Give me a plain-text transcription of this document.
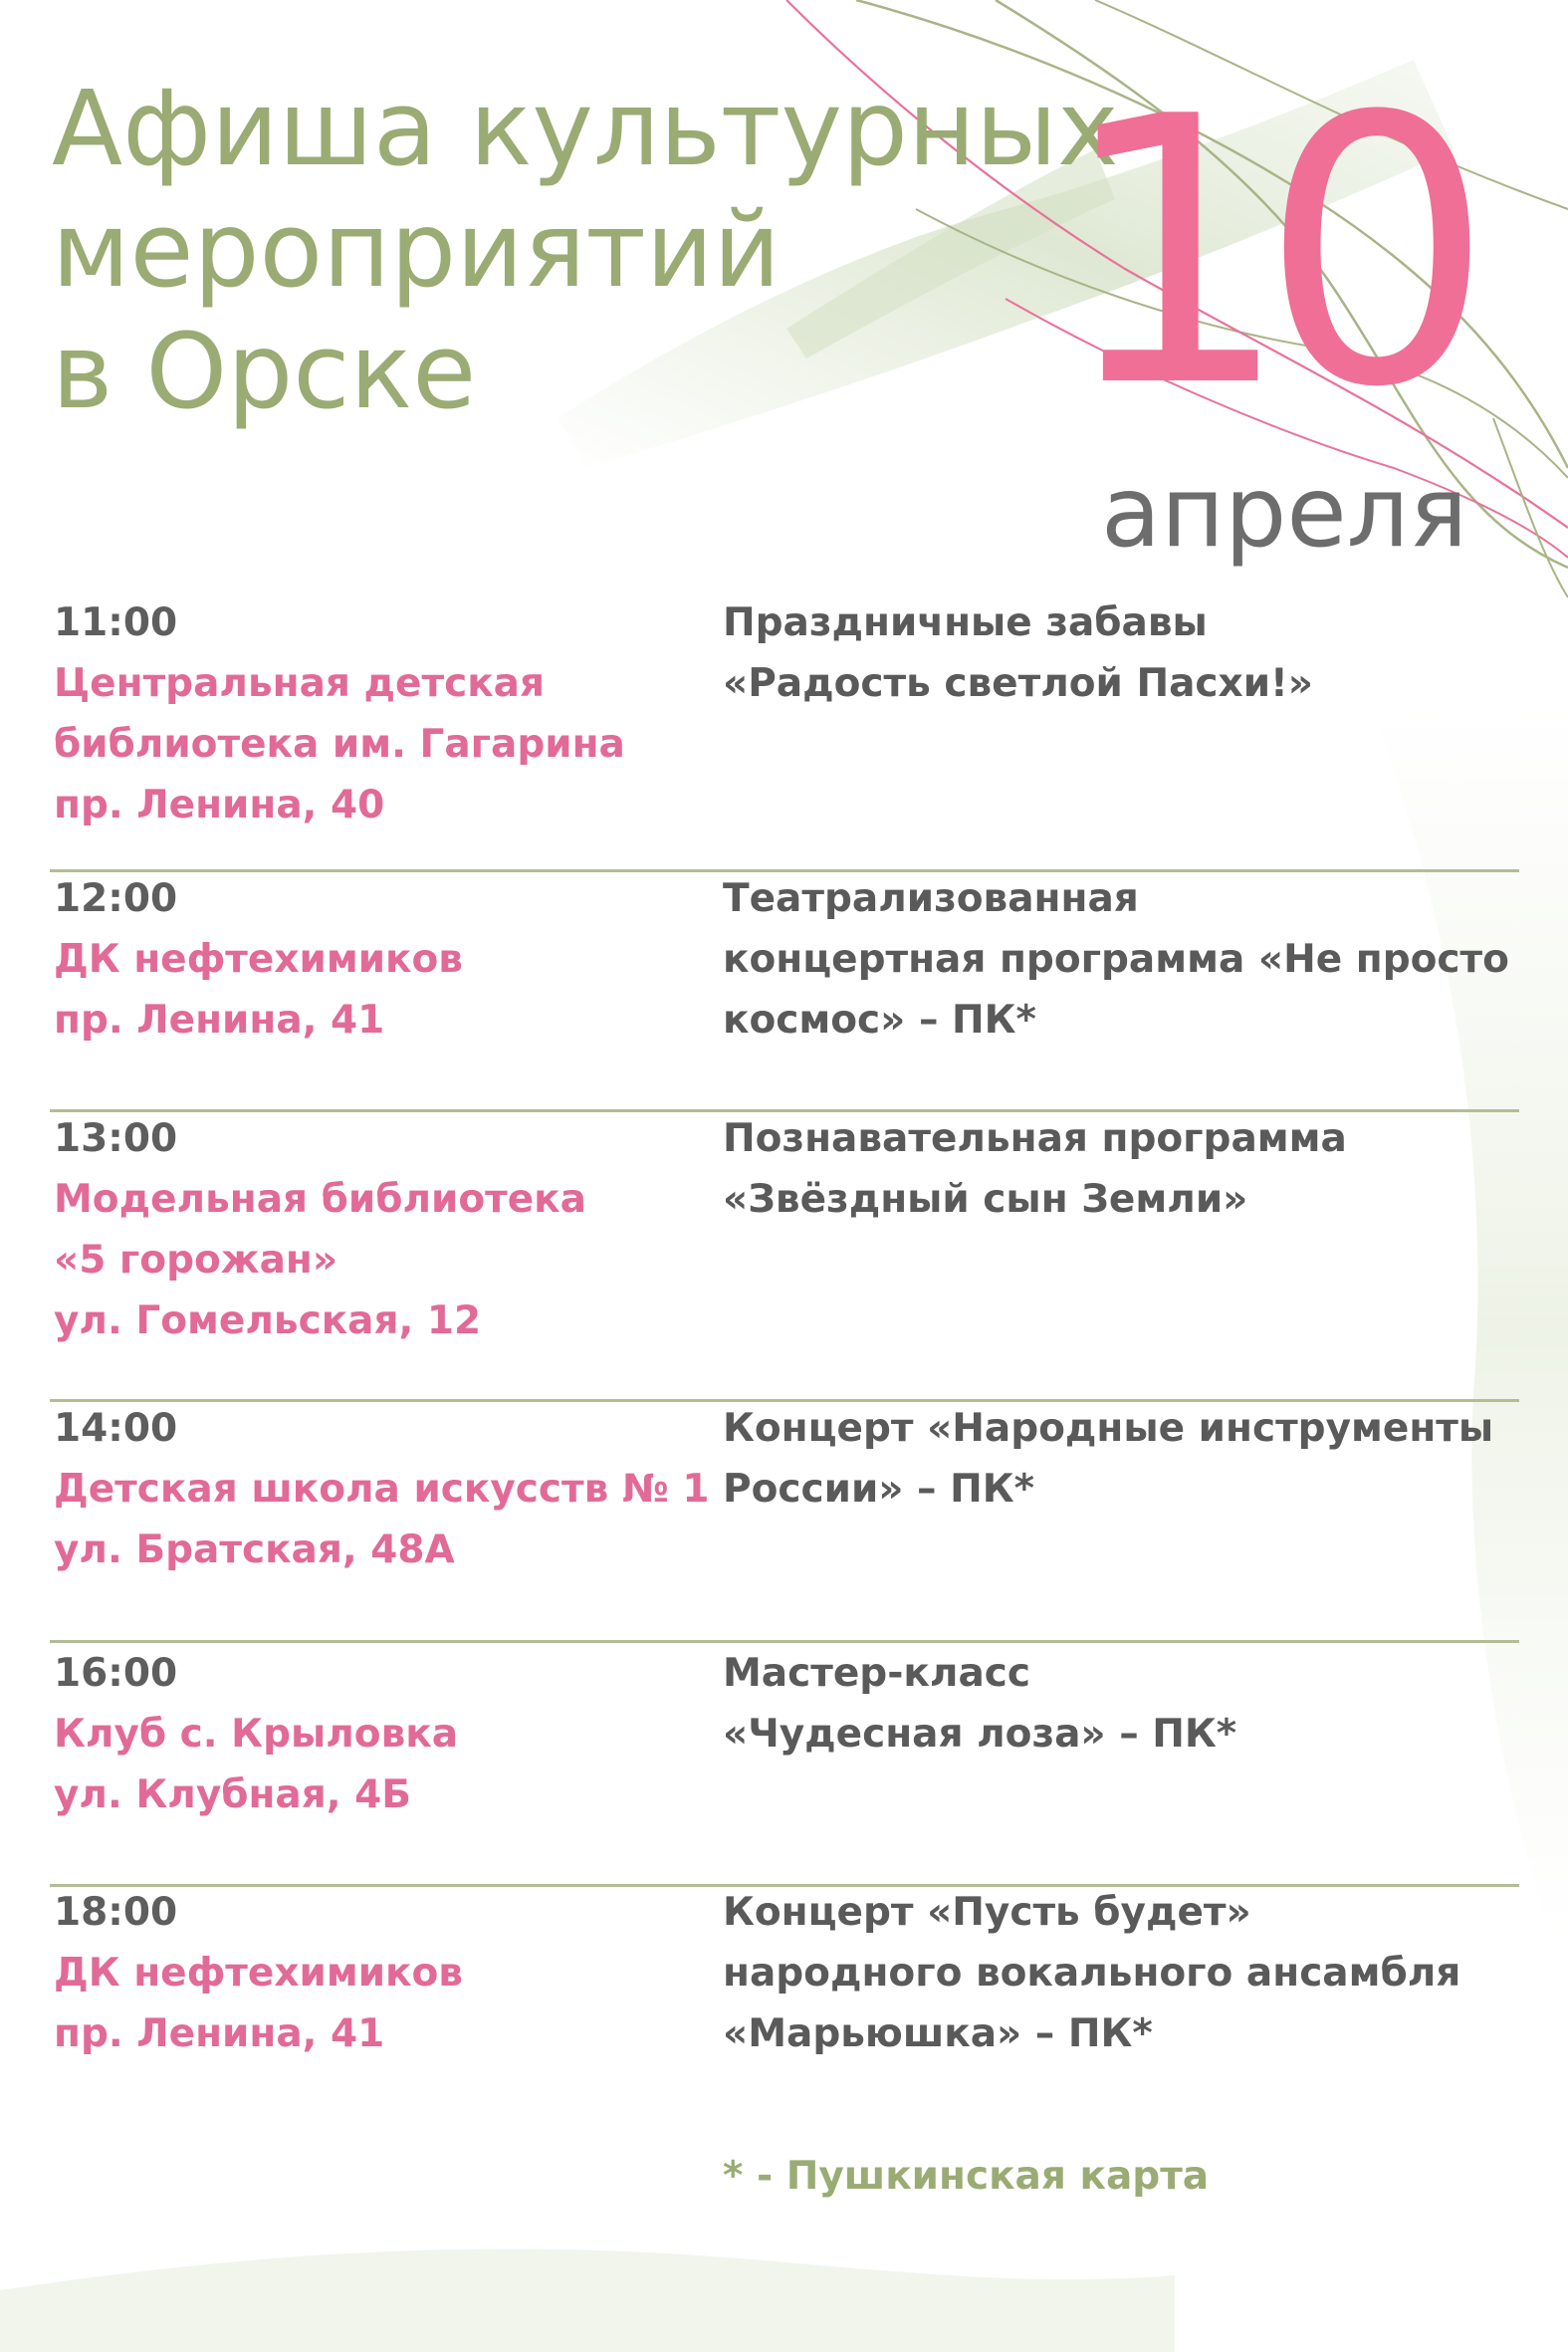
Афиша культурных
мероприятий
в Орске	10
апреля
11:00
Центральная детская
библиотека им. Гагарина
пр. Ленина, 40
Праздничные забавы
«Радость светлой Пасхи!»
12:00
ДК нефтехимиков
пр. Ленина, 41
Театрализованная
концертная программа «Не просто
космос» – ПК*
13:00
Модельная библиотека
«5 горожан»
ул. Гомельская, 12
Познавательная программа
«Звёздный сын Земли»
14:00
Детская школа искусств № 1
ул. Братская, 48А
Концерт «Народные инструменты
России» – ПК*
16:00
Клуб с. Крыловка
ул. Клубная, 4Б
Мастер-класс
«Чудесная лоза» – ПК*
18:00
ДК нефтехимиков
пр. Ленина, 41
Концерт «Пусть будет»
народного вокального ансамбля
«Марьюшка» – ПК*
* - Пушкинская карта
